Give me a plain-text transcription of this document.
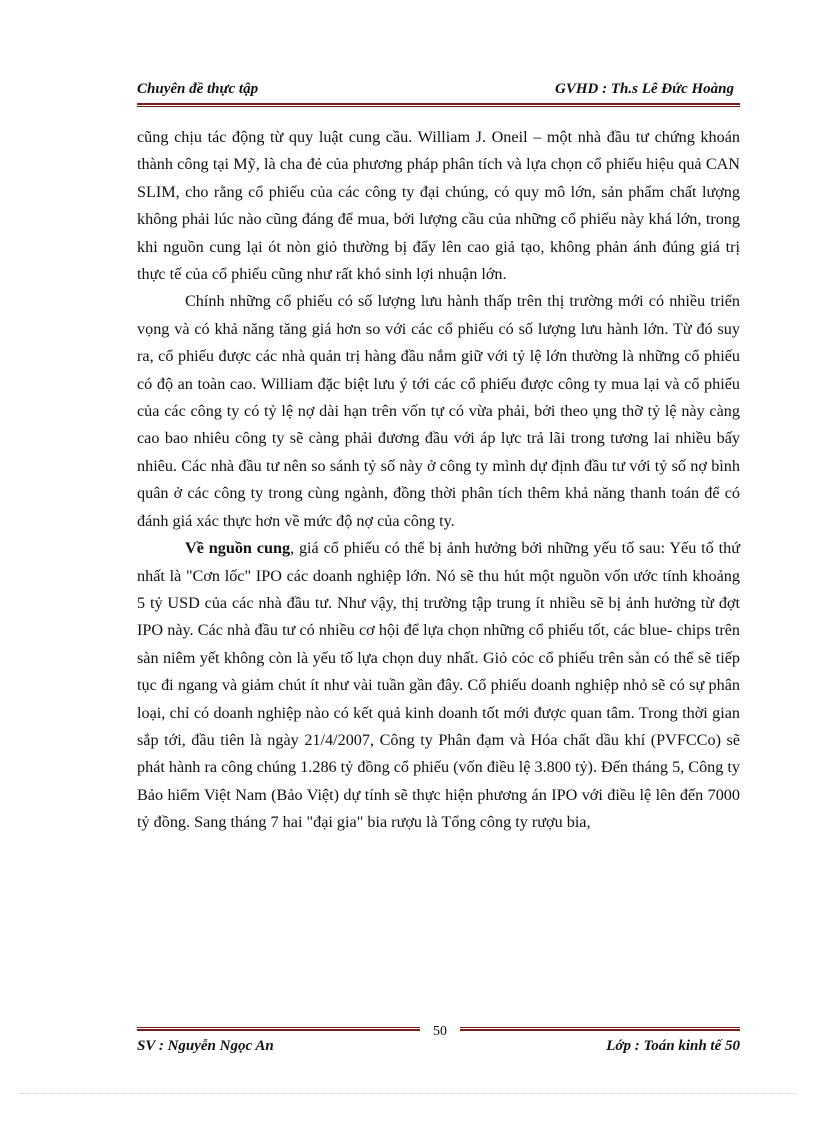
Chuyên đề thực tập	GVHD : Th.s Lê Đức Hoàng

cũng chịu tác động từ quy luật cung cầu. William J. Oneil – một nhà đầu tư chứng khoán thành công tại Mỹ, là cha đẻ của phương pháp phân tích và lựa chọn cổ phiếu hiệu quả CAN SLIM, cho rằng cổ phiếu của các công ty đại chúng, có quy mô lớn, sản phẩm chất lượng không phải lúc nào cũng đáng để mua, bởi lượng cầu của những cổ phiếu này khá lớn, trong khi nguồn cung lại ót nòn giỏ thường bị đẩy lên cao giả tạo, không phản ánh đúng giá trị thực tế của cổ phiếu cũng như rất khó sinh lợi nhuận lớn.

Chính những cổ phiếu có số lượng lưu hành thấp trên thị trường mới có nhiều triển vọng và có khả năng tăng giá hơn so với các cổ phiếu có số lượng lưu hành lớn. Từ đó suy ra, cổ phiếu được các nhà quản trị hàng đầu nắm giữ với tỷ lệ lớn thường là những cổ phiếu có độ an toàn cao. William đặc biệt lưu ý tới các cổ phiếu được công ty mua lại và cổ phiếu của các công ty có tỷ lệ nợ dài hạn trên vốn tự có vừa phải, bởi theo ụng thỡ tỷ lệ này càng cao bao nhiêu công ty sẽ càng phải đương đầu với áp lực trả lãi trong tương lai nhiều bấy nhiêu. Các nhà đầu tư nên so sánh tỷ số này ở công ty mình dự định đầu tư với tỷ số nợ bình quân ở các công ty trong cùng ngành, đồng thời phân tích thêm khả năng thanh toán để có đánh giá xác thực hơn về mức độ nợ của công ty.

Về nguồn cung, giá cổ phiếu có thể bị ảnh hưởng bởi những yếu tố sau: Yếu tố thứ nhất là "Cơn lốc" IPO các doanh nghiệp lớn. Nó sẽ thu hút một nguồn vốn ước tính khoảng 5 tỷ USD của các nhà đầu tư. Như vậy, thị trường tập trung ít nhiều sẽ bị ảnh hưởng từ đợt IPO này. Các nhà đầu tư có nhiều cơ hội để lựa chọn những cổ phiếu tốt, các blue- chips trên sàn niêm yết không còn là yếu tố lựa chọn duy nhất. Giỏ cỏc cổ phiếu trên sàn có thể sẽ tiếp tục đi ngang và giảm chút ít như vài tuần gần đây. Cổ phiếu doanh nghiệp nhỏ sẽ có sự phân loại, chỉ có doanh nghiệp nào có kết quả kinh doanh tốt mới được quan tâm. Trong thời gian sắp tới, đầu tiên là ngày 21/4/2007, Công ty Phân đạm và Hóa chất dầu khí (PVFCCo) sẽ phát hành ra công chúng 1.286 tỷ đồng cổ phiếu (vốn điều lệ 3.800 tỷ). Đến tháng 5, Công ty Bảo hiểm Việt Nam (Bảo Việt) dự tính sẽ thực hiện phương án IPO với điều lệ lên đến 7000 tỷ đồng. Sang tháng 7 hai "đại gia" bia rượu là Tổng công ty rượu bia,

50
SV : Nguyễn Ngọc An	Lớp : Toán kinh tế 50
